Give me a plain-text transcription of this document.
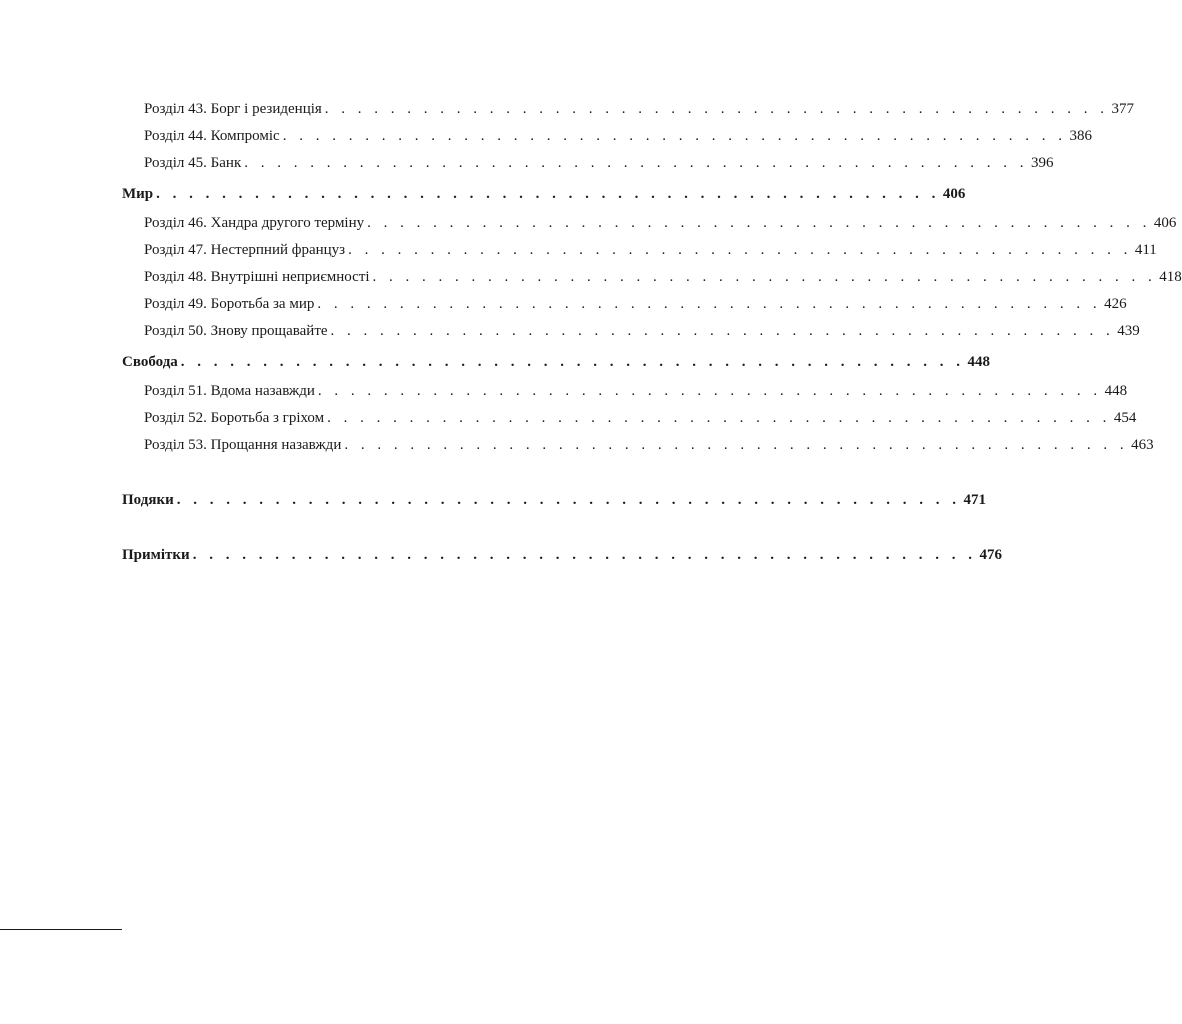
Розділ 43. Борг і резиденція . . . . . . . . . . . . . . . . . . . . . . . . . . . . . . . . . . . . . . . . . . . . . . . . 377
Розділ 44. Компроміс . . . . . . . . . . . . . . . . . . . . . . . . . . . . . . . . . . . . . . . . . . . . . . . . 386
Розділ 45. Банк . . . . . . . . . . . . . . . . . . . . . . . . . . . . . . . . . . . . . . . . . . . . . . . . 396
Мир . . . . . . . . . . . . . . . . . . . . . . . . . . . . . . . . . . . . . . . . . . . . . . . . 406
Розділ 46. Хандра другого терміну . . . . . . . . . . . . . . . . . . . . . . . . . . . . . . . . . . . . . . . . . . . . . . . . 406
Розділ 47. Нестерпний француз . . . . . . . . . . . . . . . . . . . . . . . . . . . . . . . . . . . . . . . . . . . . . . . . 411
Розділ 48. Внутрішні неприємності . . . . . . . . . . . . . . . . . . . . . . . . . . . . . . . . . . . . . . . . . . . . . . . . 418
Розділ 49. Боротьба за мир . . . . . . . . . . . . . . . . . . . . . . . . . . . . . . . . . . . . . . . . . . . . . . . . 426
Розділ 50. Знову прощавайте . . . . . . . . . . . . . . . . . . . . . . . . . . . . . . . . . . . . . . . . . . . . . . . . 439
Свобода . . . . . . . . . . . . . . . . . . . . . . . . . . . . . . . . . . . . . . . . . . . . . . . . 448
Розділ 51. Вдома назавжди . . . . . . . . . . . . . . . . . . . . . . . . . . . . . . . . . . . . . . . . . . . . . . . . 448
Розділ 52. Боротьба з гріхом . . . . . . . . . . . . . . . . . . . . . . . . . . . . . . . . . . . . . . . . . . . . . . . . 454
Розділ 53. Прощання назавжди . . . . . . . . . . . . . . . . . . . . . . . . . . . . . . . . . . . . . . . . . . . . . . . . 463
Подяки . . . . . . . . . . . . . . . . . . . . . . . . . . . . . . . . . . . . . . . . . . . . . . . . 471
Примітки . . . . . . . . . . . . . . . . . . . . . . . . . . . . . . . . . . . . . . . . . . . . . . . . 476
